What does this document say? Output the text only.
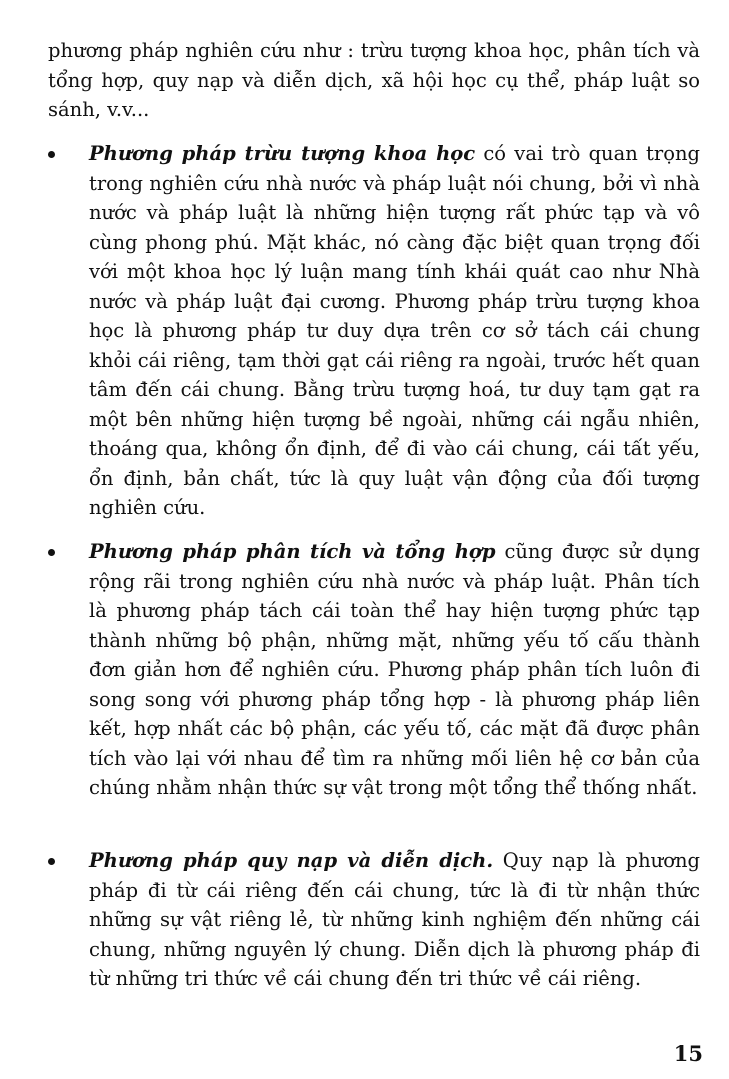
phương pháp nghiên cứu như : trừu tượng khoa học, phân tích và tổng hợp, quy nạp và diễn dịch, xã hội học cụ thể, pháp luật so sánh, v.v...

Phương pháp trừu tượng khoa học có vai trò quan trọng trong nghiên cứu nhà nước và pháp luật nói chung, bởi vì nhà nước và pháp luật là những hiện tượng rất phức tạp và vô cùng phong phú. Mặt khác, nó càng đặc biệt quan trọng đối với một khoa học lý luận mang tính khái quát cao như Nhà nước và pháp luật đại cương. Phương pháp trừu tượng khoa học là phương pháp tư duy dựa trên cơ sở tách cái chung khỏi cái riêng, tạm thời gạt cái riêng ra ngoài, trước hết quan tâm đến cái chung. Bằng trừu tượng hoá, tư duy tạm gạt ra một bên những hiện tượng bề ngoài, những cái ngẫu nhiên, thoáng qua, không ổn định, để đi vào cái chung, cái tất yếu, ổn định, bản chất, tức là quy luật vận động của đối tượng nghiên cứu.

Phương pháp phân tích và tổng hợp cũng được sử dụng rộng rãi trong nghiên cứu nhà nước và pháp luật. Phân tích là phương pháp tách cái toàn thể hay hiện tượng phức tạp thành những bộ phận, những mặt, những yếu tố cấu thành đơn giản hơn để nghiên cứu. Phương pháp phân tích luôn đi song song với phương pháp tổng hợp - là phương pháp liên kết, hợp nhất các bộ phận, các yếu tố, các mặt đã được phân tích vào lại với nhau để tìm ra những mối liên hệ cơ bản của chúng nhằm nhận thức sự vật trong một tổng thể thống nhất.

Phương pháp quy nạp và diễn dịch. Quy nạp là phương pháp đi từ cái riêng đến cái chung, tức là đi từ nhận thức những sự vật riêng lẻ, từ những kinh nghiệm đến những cái chung, những nguyên lý chung. Diễn dịch là phương pháp đi từ những tri thức về cái chung đến tri thức về cái riêng.

15
